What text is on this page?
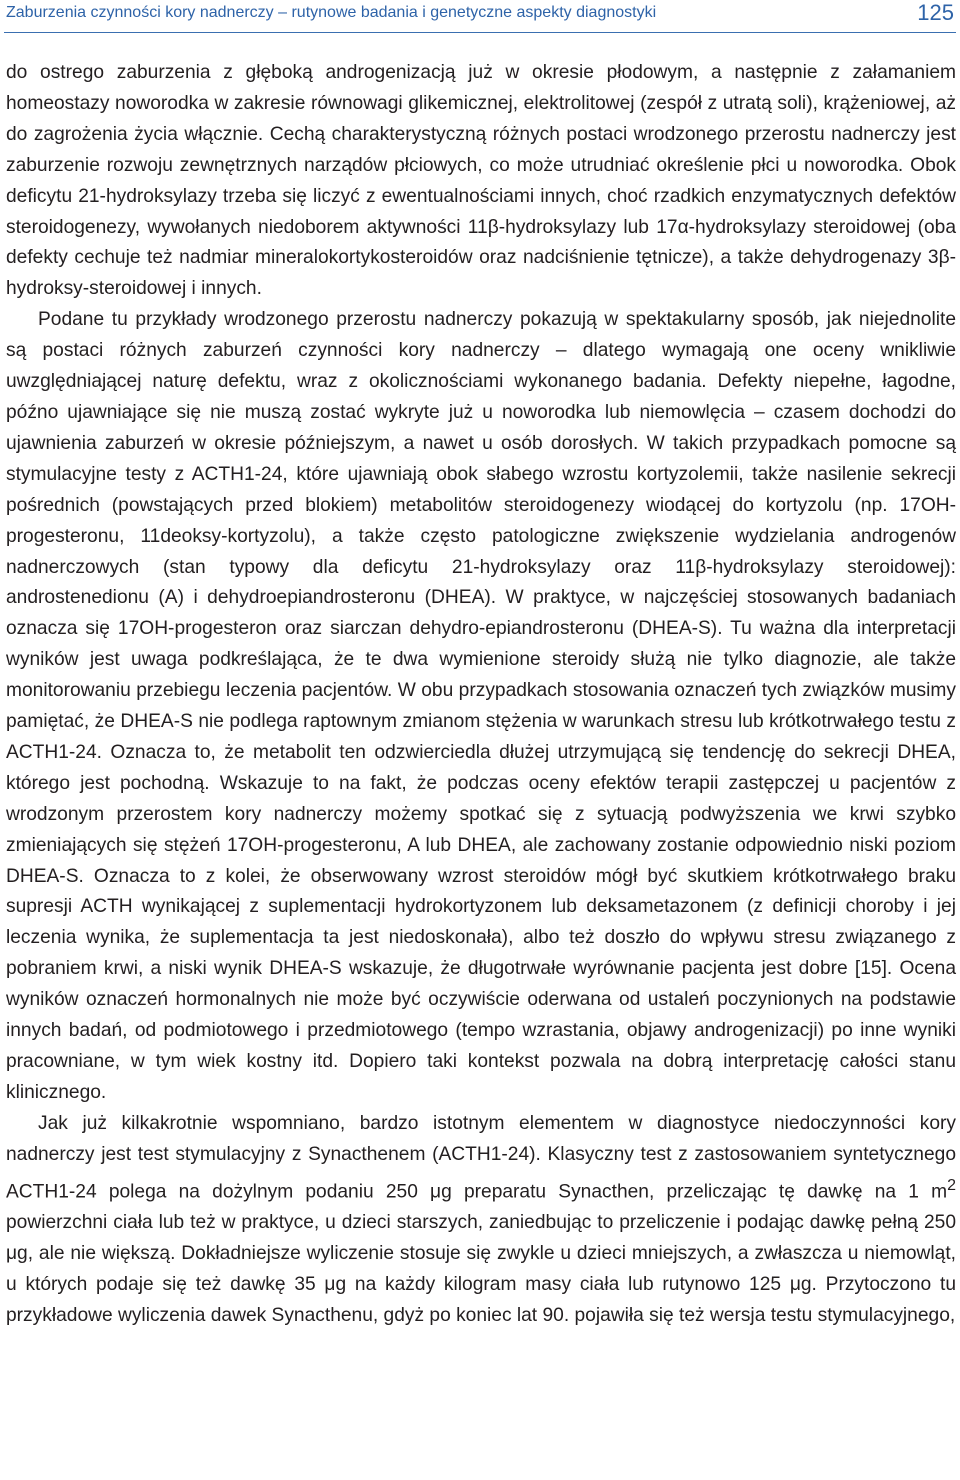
Zaburzenia czynności kory nadnerczy – rutynowe badania i genetyczne aspekty diagnostyki	125

do ostrego zaburzenia z głęboką androgenizacją już w okresie płodowym, a następnie z załamaniem homeostazy noworodka w zakresie równowagi glikemicznej, elektrolitowej (zespół z utratą soli), krążeniowej, aż do zagrożenia życia włącznie. Cechą charakterystyczną różnych postaci wrodzonego przerostu nadnerczy jest zaburzenie rozwoju zewnętrznych narządów płciowych, co może utrudniać określenie płci u noworodka. Obok deficytu 21-hydroksylazy trzeba się liczyć z ewentualnościami innych, choć rzadkich enzymatycznych defektów steroidogenezy, wywołanych niedoborem aktywności 11β-hydroksylazy lub 17α-hydroksylazy steroidowej (oba defekty cechuje też nadmiar mineralokortykosteroidów oraz nadciśnienie tętnicze), a także dehydrogenazy 3β-hydroksy-steroidowej i innych.

Podane tu przykłady wrodzonego przerostu nadnerczy pokazują w spektakularny sposób, jak niejednolite są postaci różnych zaburzeń czynności kory nadnerczy – dlatego wymagają one oceny wnikliwie uwzględniającej naturę defektu, wraz z okolicznościami wykonanego badania. Defekty niepełne, łagodne, późno ujawniające się nie muszą zostać wykryte już u noworodka lub niemowlęcia – czasem dochodzi do ujawnienia zaburzeń w okresie późniejszym, a nawet u osób dorosłych. W takich przypadkach pomocne są stymulacyjne testy z ACTH1-24, które ujawniają obok słabego wzrostu kortyzolemii, także nasilenie sekrecji pośrednich (powstających przed blokiem) metabolitów steroidogenezy wiodącej do kortyzolu (np. 17OH-progesteronu, 11deoksy-kortyzolu), a także często patologiczne zwiększenie wydzielania androgenów nadnerczowych (stan typowy dla deficytu 21-hydroksylazy oraz 11β-hydroksylazy steroidowej): androstenedionu (A) i dehydroepiandrosteronu (DHEA). W praktyce, w najczęściej stosowanych badaniach oznacza się 17OH-progesteron oraz siarczan dehydro-epiandrosteronu (DHEA-S). Tu ważna dla interpretacji wyników jest uwaga podkreślająca, że te dwa wymienione steroidy służą nie tylko diagnozie, ale także monitorowaniu przebiegu leczenia pacjentów. W obu przypadkach stosowania oznaczeń tych związków musimy pamiętać, że DHEA-S nie podlega raptownym zmianom stężenia w warunkach stresu lub krótkotrwałego testu z ACTH1-24. Oznacza to, że metabolit ten odzwierciedla dłużej utrzymującą się tendencję do sekrecji DHEA, którego jest pochodną. Wskazuje to na fakt, że podczas oceny efektów terapii zastępczej u pacjentów z wrodzonym przerostem kory nadnerczy możemy spotkać się z sytuacją podwyższenia we krwi szybko zmieniających się stężeń 17OH-progesteronu, A lub DHEA, ale zachowany zostanie odpowiednio niski poziom DHEA-S. Oznacza to z kolei, że obserwowany wzrost steroidów mógł być skutkiem krótkotrwałego braku supresji ACTH wynikającej z suplementacji hydrokortyzonem lub deksametazonem (z definicji choroby i jej leczenia wynika, że suplementacja ta jest niedoskonała), albo też doszło do wpływu stresu związanego z pobraniem krwi, a niski wynik DHEA-S wskazuje, że długotrwałe wyrównanie pacjenta jest dobre [15]. Ocena wyników oznaczeń hormonalnych nie może być oczywiście oderwana od ustaleń poczynionych na podstawie innych badań, od podmiotowego i przedmiotowego (tempo wzrastania, objawy androgenizacji) po inne wyniki pracowniane, w tym wiek kostny itd. Dopiero taki kontekst pozwala na dobrą interpretację całości stanu klinicznego.

Jak już kilkakrotnie wspomniano, bardzo istotnym elementem w diagnostyce niedoczynności kory nadnerczy jest test stymulacyjny z Synacthenem (ACTH1-24). Klasyczny test z zastosowaniem syntetycznego ACTH1-24 polega na dożylnym podaniu 250 μg preparatu Synacthen, przeliczając tę dawkę na 1 $m^2$ powierzchni ciała lub też w praktyce, u dzieci starszych, zaniedbując to przeliczenie i podając dawkę pełną 250 μg, ale nie większą. Dokładniejsze wyliczenie stosuje się zwykle u dzieci mniejszych, a zwłaszcza u niemowląt, u których podaje się też dawkę 35 μg na każdy kilogram masy ciała lub rutynowo 125 μg. Przytoczono tu przykładowe wyliczenia dawek Synacthenu, gdyż po koniec lat 90. pojawiła się też wersja testu stymulacyjnego,
